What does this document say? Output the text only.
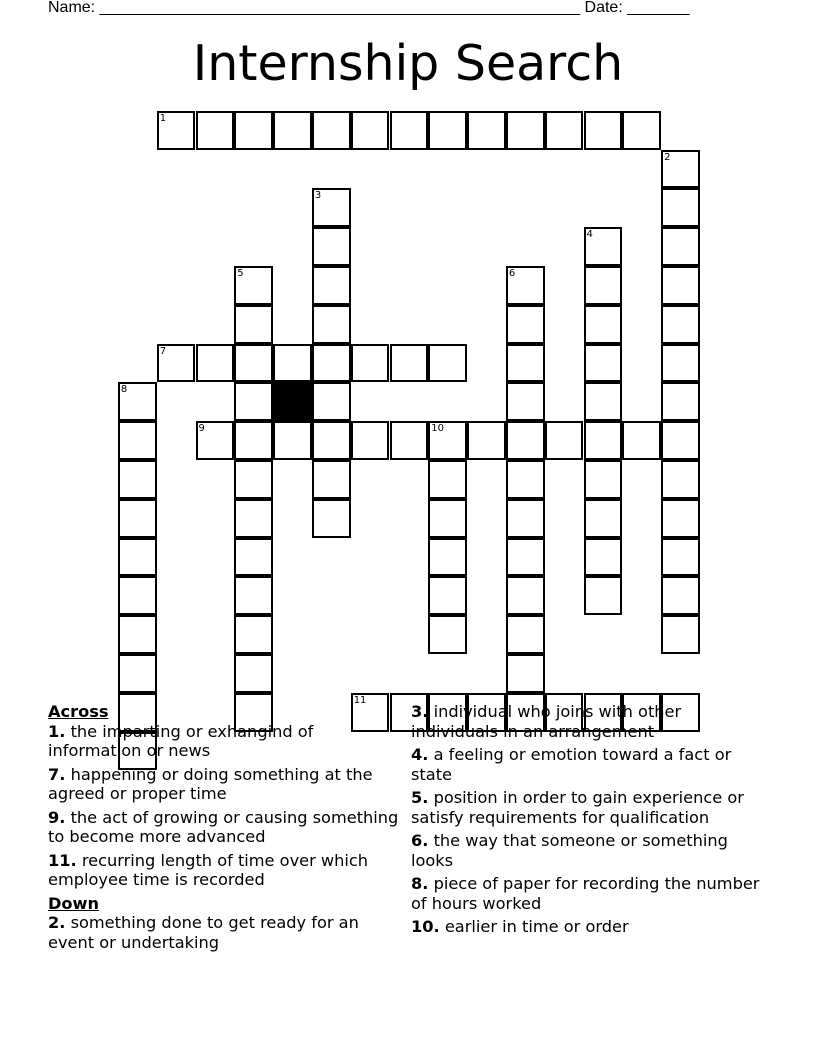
Name: ______________________________________________________ Date: _______
Internship Search
1
2
3
4
5	6
7
8
9	10
11

Across

1. the imparting or exhangind of information or news

7. happening or doing something at the agreed or proper time

9. the act of growing or causing something to become more advanced

11. recurring length of time over which employee time is recorded

Down

2. something done to get ready for an event or undertaking

3. individual who joins with other individuals in an arrangement

4. a feeling or emotion toward a fact or state

5. position in order to gain experience or satisfy requirements for qualification

6. the way that someone or something looks

8. piece of paper for recording the number of hours worked

10. earlier in time or order
